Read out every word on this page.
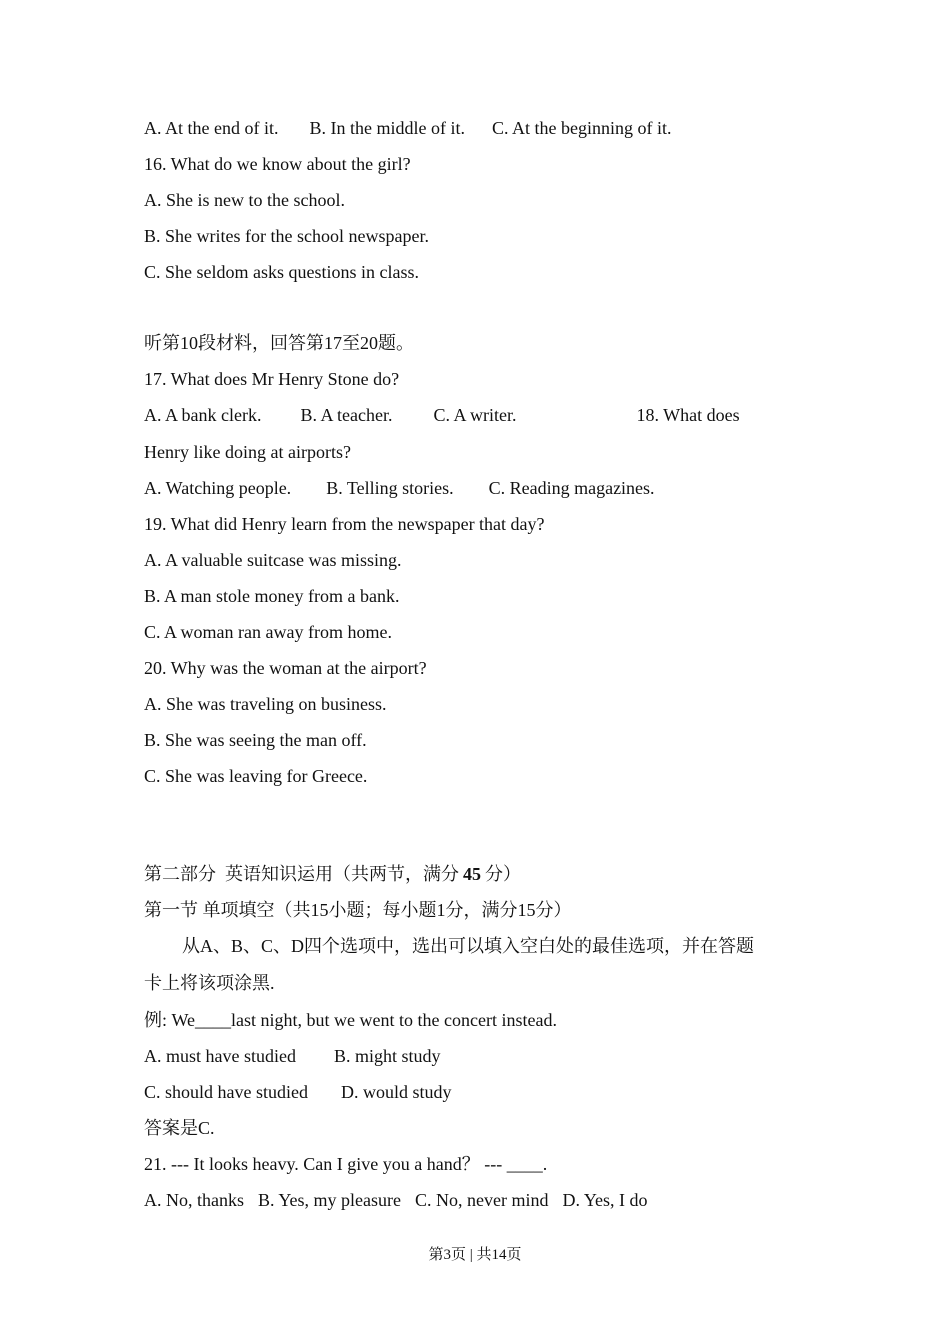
A. At the end of it. B. In the middle of it. C. At the beginning of it.
16. What do we know about the girl?
A. She is new to the school.
B. She writes for the school newspaper.
C. She seldom asks questions in class.
听第10段材料，回答第17至20题。
17. What does Mr Henry Stone do?
A. A bank clerk. B. A teacher. C. A writer.	18. What does
Henry like doing at airports?
A. Watching people. B. Telling stories. C. Reading magazines.
19. What did Henry learn from the newspaper that day?
A. A valuable suitcase was missing.
B. A man stole money from a bank.
C. A woman ran away from home.
20. Why was the woman at the airport?
A. She was traveling on business.
B. She was seeing the man off.
C. She was leaving for Greece.
第二部分  英语知识运用（共两节，满分 45 分）
第一节 单项填空（共15小题；每小题1分，满分15分）
从A、B、C、D四个选项中，选出可以填入空白处的最佳选项，并在答题
卡上将该项涂黑.
例: We____last night, but we went to the concert instead.
A. must have studied B. might study
C. should have studied D. would study
答案是C.
21. --- It looks heavy. Can I give you a hand？ --- ____.
A. No, thanks B. Yes, my pleasure C. No, never mind D. Yes, I do
第3页 | 共14页
